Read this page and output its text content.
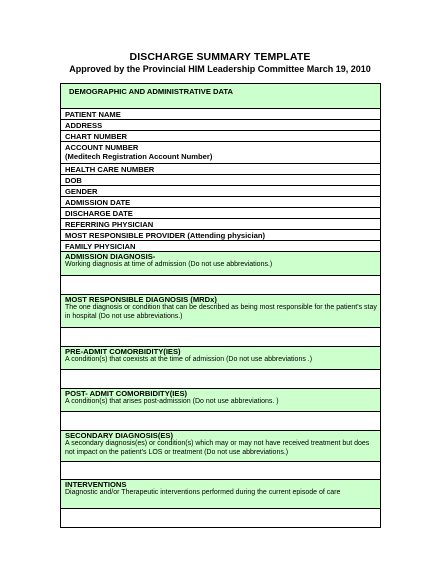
DISCHARGE SUMMARY TEMPLATE
Approved by the Provincial HIM Leadership Committee March 19, 2010
DEMOGRAPHIC AND ADMINISTRATIVE DATA
PATIENT NAME
ADDRESS
CHART NUMBER

ACCOUNT NUMBER
(Meditech Registration Account Number)

HEALTH CARE NUMBER
DOB
GENDER
ADMISSION DATE
DISCHARGE DATE
REFERRING PHYSICIAN
MOST RESPONSIBLE PROVIDER (Attending physician)
FAMILY PHYSICIAN

ADMISSION DIAGNOSIS-
Working diagnosis at time of admission (Do not use abbreviations.)

MOST RESPONSIBLE DIAGNOSIS (MRDx)
The one diagnosis or condition that can be described as being most responsible for the patient's stay in hospital (Do not use abbreviations.)

PRE-ADMIT COMORBIDITY(IES)
A condition(s) that coexists at the time of admission (Do not use abbreviations .)

POST- ADMIT COMORBIDITY(IES)
A condition(s) that arises post-admission (Do not use abbreviations. )

SECONDARY DIAGNOSIS(ES)
A secondary diagnosis(es) or condition(s) which may or may not have received treatment but does not impact on the patient's LOS or treatment (Do not use abbreviations.)

INTERVENTIONS
Diagnostic and/or Therapeutic interventions performed during the current episode of care
